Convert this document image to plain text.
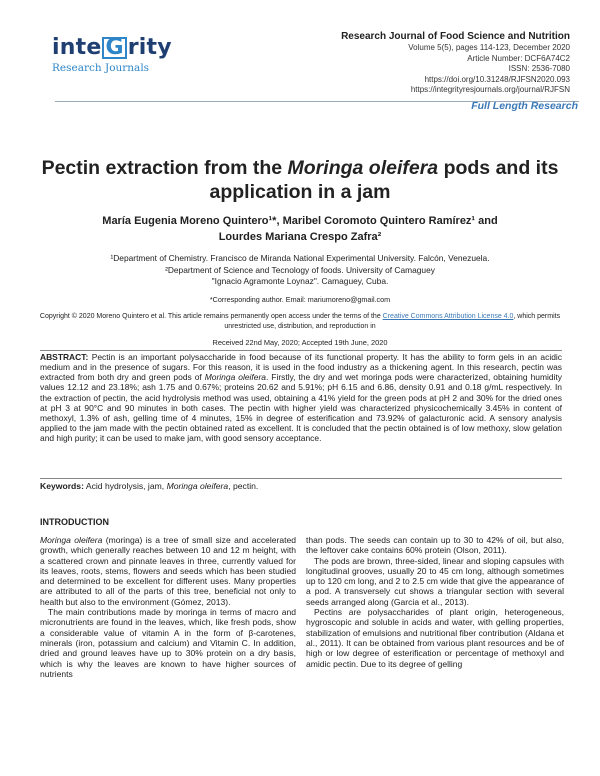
inte G rity
Research Journals
Research Journal of Food Science and Nutrition
Volume 5(5), pages 114-123, December 2020
Article Number: DCF6A74C2
ISSN: 2536-7080
https://doi.org/10.31248/RJFSN2020.093
https://integrityresjournals.org/journal/RJFSN
Full Length Research
Pectin extraction from the Moringa oleifera pods and its application in a jam
María Eugenia Moreno Quintero¹*, Maribel Coromoto Quintero Ramírez¹ and
Lourdes Mariana Crespo Zafra²
¹Department of Chemistry. Francisco de Miranda National Experimental University. Falcón, Venezuela.
²Department of Science and Tecnology of foods. University of Camaguey
"Ignacio Agramonte Loynaz". Camaguey, Cuba.
*Corresponding author. Email: mariumoreno@gmail.com
Copyright © 2020 Moreno Quintero et al. This article remains permanently open access under the terms of the Creative Commons Attribution License 4.0, which permits unrestricted use, distribution, and reproduction in
Received 22nd May, 2020; Accepted 19th June, 2020
ABSTRACT: Pectin is an important polysaccharide in food because of its functional property. It has the ability to form gels in an acidic medium and in the presence of sugars. For this reason, it is used in the food industry as a thickening agent. In this research, pectin was extracted from both dry and green pods of Moringa oleifera. Firstly, the dry and wet moringa pods were characterized, obtaining humidity values 12.12 and 23.18%; ash 1.75 and 0.67%; proteins 20.62 and 5.91%; pH 6.15 and 6.86, density 0.91 and 0.18 g/mL respectively. In the extraction of pectin, the acid hydrolysis method was used, obtaining a 41% yield for the green pods at pH 2 and 30% for the dried ones at pH 3 at 90°C and 90 minutes in both cases. The pectin with higher yield was characterized physicochemically 3.45% in content of methoxyl, 1.3% of ash, gelling time of 4 minutes, 15% in degree of esterification and 73.92% of galacturonic acid. A sensory analysis applied to the jam made with the pectin obtained rated as excellent. It is concluded that the pectin obtained is of low methoxy, slow gelation and high purity; it can be used to make jam, with good sensory acceptance.
Keywords: Acid hydrolysis, jam, Moringa oleifera, pectin.
INTRODUCTION

Moringa oleifera (moringa) is a tree of small size and accelerated growth, which generally reaches between 10 and 12 m height, with a scattered crown and pinnate leaves in three, currently valued for its leaves, roots, stems, flowers and seeds which has been studied and determined to be excellent for different uses. Many properties are attributed to all of the parts of this tree, beneficial not only to health but also to the environment (Gómez, 2013).

The main contributions made by moringa in terms of macro and micronutrients are found in the leaves, which, like fresh pods, show a considerable value of vitamin A in the form of β-carotenes, minerals (iron, potassium and calcium) and Vitamin C. In addition, dried and ground leaves have up to 30% protein on a dry basis, which is why the leaves are known to have higher sources of nutrients

than pods. The seeds can contain up to 30 to 42% of oil, but also, the leftover cake contains 60% protein (Olson, 2011).

The pods are brown, three-sided, linear and sloping capsules with longitudinal grooves, usually 20 to 45 cm long, although sometimes up to 120 cm long, and 2 to 2.5 cm wide that give the appearance of a pod. A transversely cut shows a triangular section with several seeds arranged along (Garcia et al., 2013).

Pectins are polysaccharides of plant origin, heterogeneous, hygroscopic and soluble in acids and water, with gelling properties, stabilization of emulsions and nutritional fiber contribution (Aldana et al., 2011). It can be obtained from various plant resources and be of high or low degree of esterification or percentage of methoxyl and amidic pectin. Due to its degree of gelling
